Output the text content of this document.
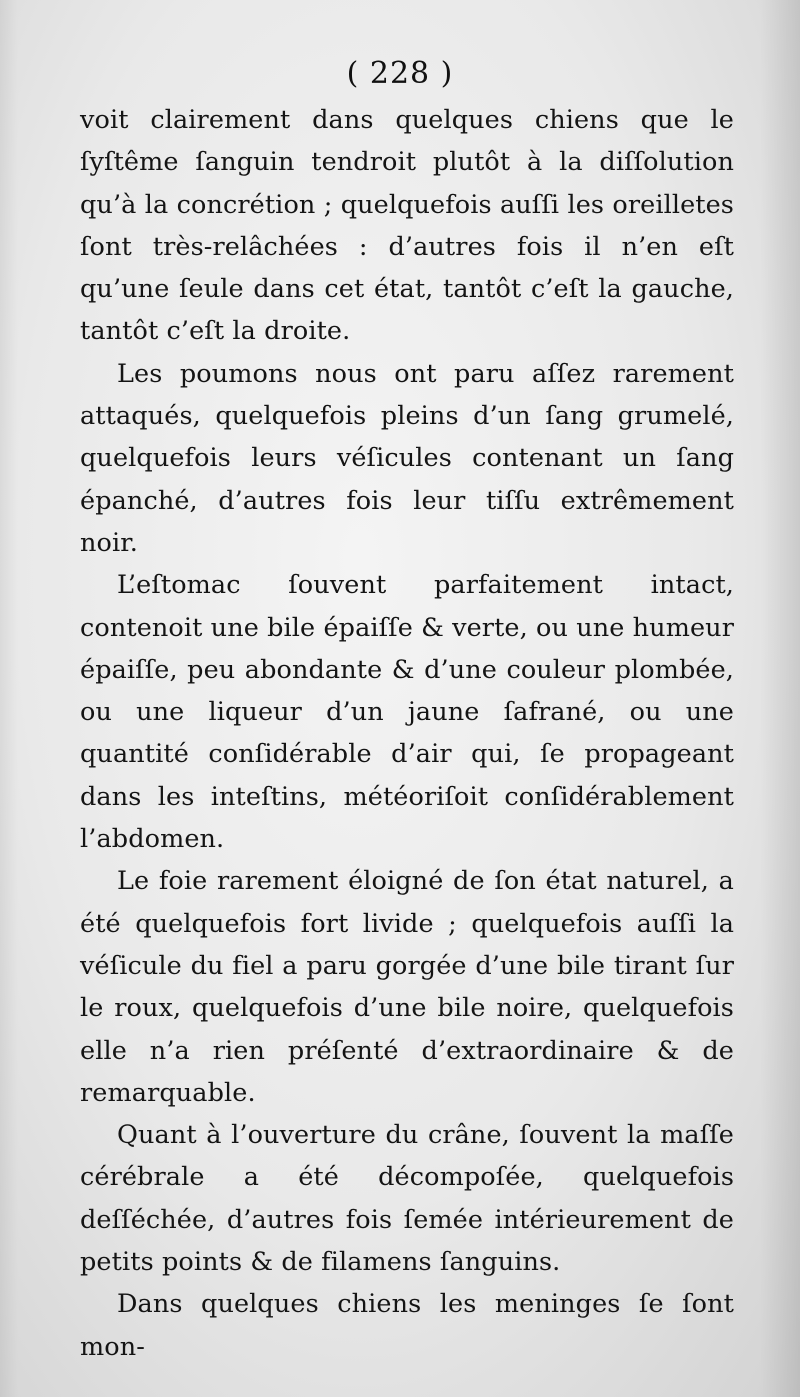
( 228 )

voit clairement dans quelques chiens que le ſyſtême ſanguin tendroit plutôt à la diſſolution qu’à la concrétion ; quelquefois auſſi les oreilletes ſont très-relâchées : d’autres fois il n’en eſt qu’une ſeule dans cet état, tantôt c’eſt la gauche, tantôt c’eſt la droite.

Les poumons nous ont paru aſſez rarement attaqués, quelquefois pleins d’un ſang grumelé, quelquefois leurs véſicules contenant un ſang épanché, d’autres fois leur tiſſu extrêmement noir.

L’eſtomac ſouvent parfaitement intact, contenoit une bile épaiſſe & verte, ou une humeur épaiſſe, peu abondante & d’une couleur plombée, ou une liqueur d’un jaune ſafrané, ou une quantité conſidérable d’air qui, ſe propageant dans les inteſtins, météoriſoit conſidérablement l’abdomen.

Le foie rarement éloigné de ſon état naturel, a été quelquefois fort livide ; quelquefois auſſi la véſicule du fiel a paru gorgée d’une bile tirant ſur le roux, quelquefois d’une bile noire, quelquefois elle n’a rien préſenté d’extraordinaire & de remarquable.

Quant à l’ouverture du crâne, ſouvent la maſſe cérébrale a été décompoſée, quelquefois deſſéchée, d’autres fois ſemée intérieurement de petits points & de filamens ſanguins.

Dans quelques chiens les meninges ſe ſont mon-
